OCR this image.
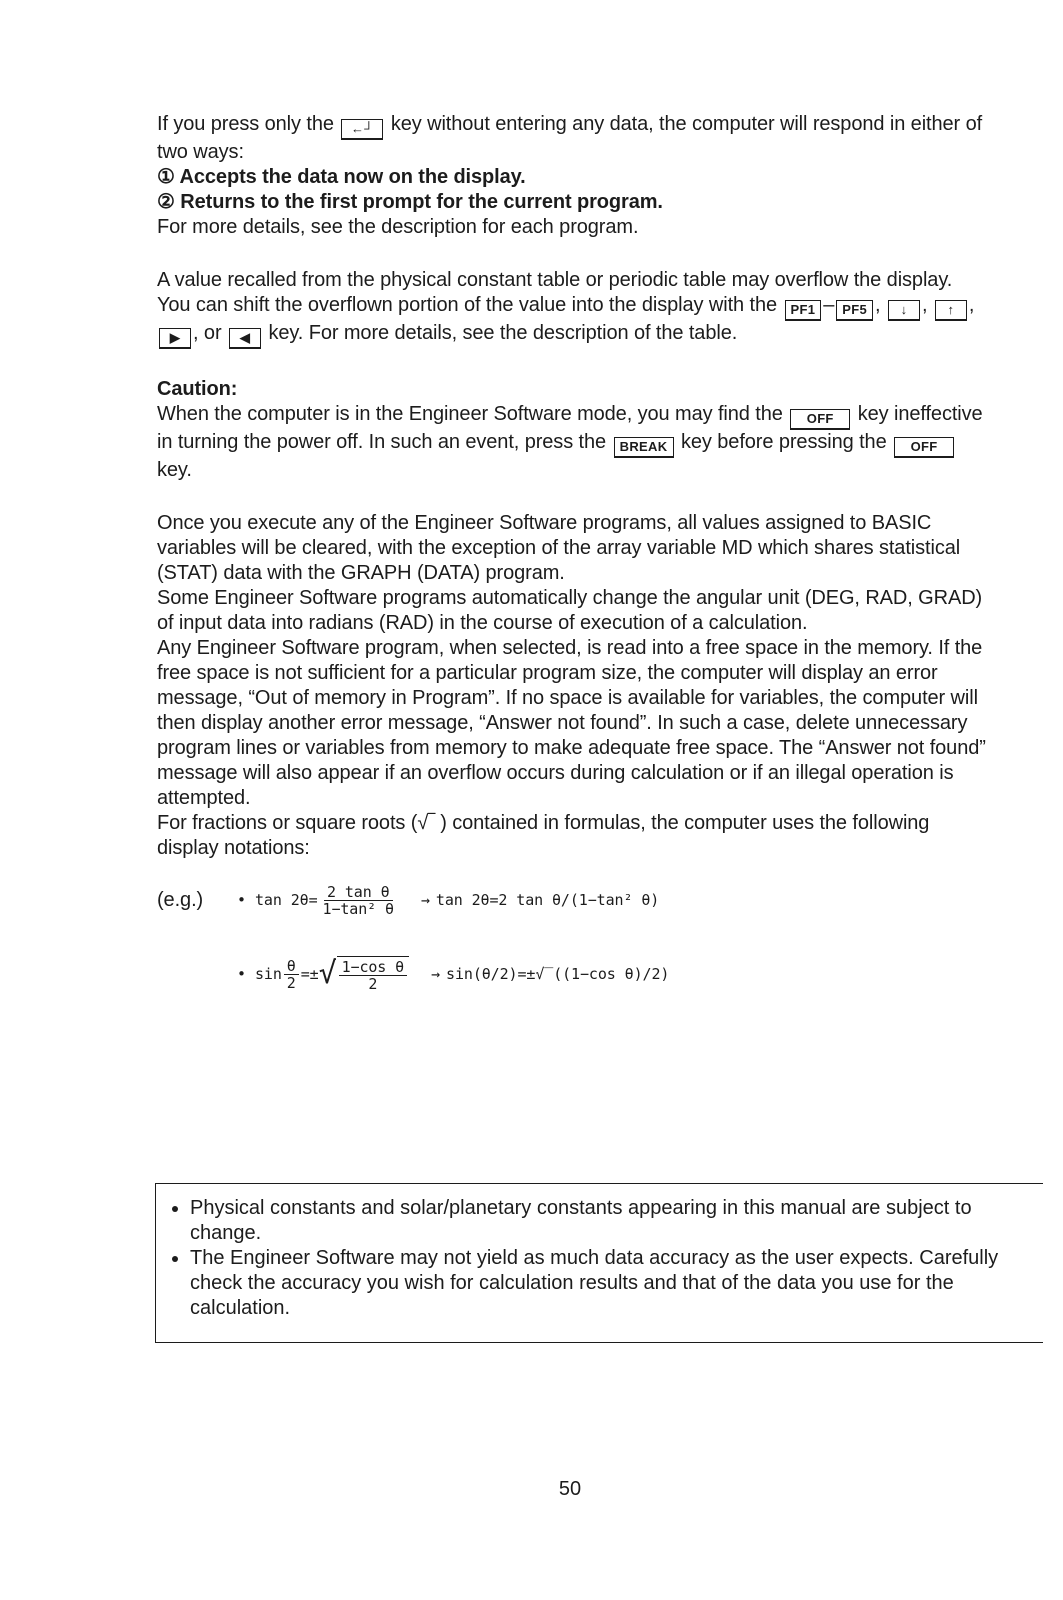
If you press only the ←┘ key without entering any data, the computer will respond in either of two ways:

① Accepts the data now on the display.

② Returns to the first prompt for the current program.

For more details, see the description for each program.

A value recalled from the physical constant table or periodic table may overflow the display. You can shift the overflown portion of the value into the display with the PF1 – PF5 , ↓ , ↑ , ▶ , or ◀ key. For more details, see the description of the table.

Caution:

When the computer is in the Engineer Software mode, you may find the OFF key ineffective in turning the power off. In such an event, press the BREAK key before pressing the OFF key.

Once you execute any of the Engineer Software programs, all values assigned to BASIC variables will be cleared, with the exception of the array variable MD which shares statistical (STAT) data with the GRAPH (DATA) program.

Some Engineer Software programs automatically change the angular unit (DEG, RAD, GRAD) of input data into radians (RAD) in the course of execution of a calculation.

Any Engineer Software program, when selected, is read into a free space in the memory. If the free space is not sufficient for a particular program size, the computer will display an error message, “Out of memory in Program”. If no space is available for variables, the computer will then display another error message, “Answer not found”. In such a case, delete unnecessary program lines or variables from memory to make adequate free space. The “Answer not found” message will also appear if an overflow occurs during calculation or if an illegal operation is attempted.

For fractions or square roots (√‾ ) contained in formulas, the computer uses the following display notations:

(e.g.)	• $\tan 2\theta= \frac{\text{2 tan θ}}{\text{1−tan² θ}} \to \tan 2\theta=2$ tan θ/(1−tan² θ)
• $\sin \frac{\theta}{2}$ =± √ $\frac{\text{1−cos θ}}{2}$ → sin(θ/2)=±√‾((1−cos θ)/2)
• Physical constants and solar/planetary constants appearing in this manual are subject to change.
• The Engineer Software may not yield as much data accuracy as the user expects. Carefully check the accuracy you wish for calculation results and that of the data you use for the calculation.
50
